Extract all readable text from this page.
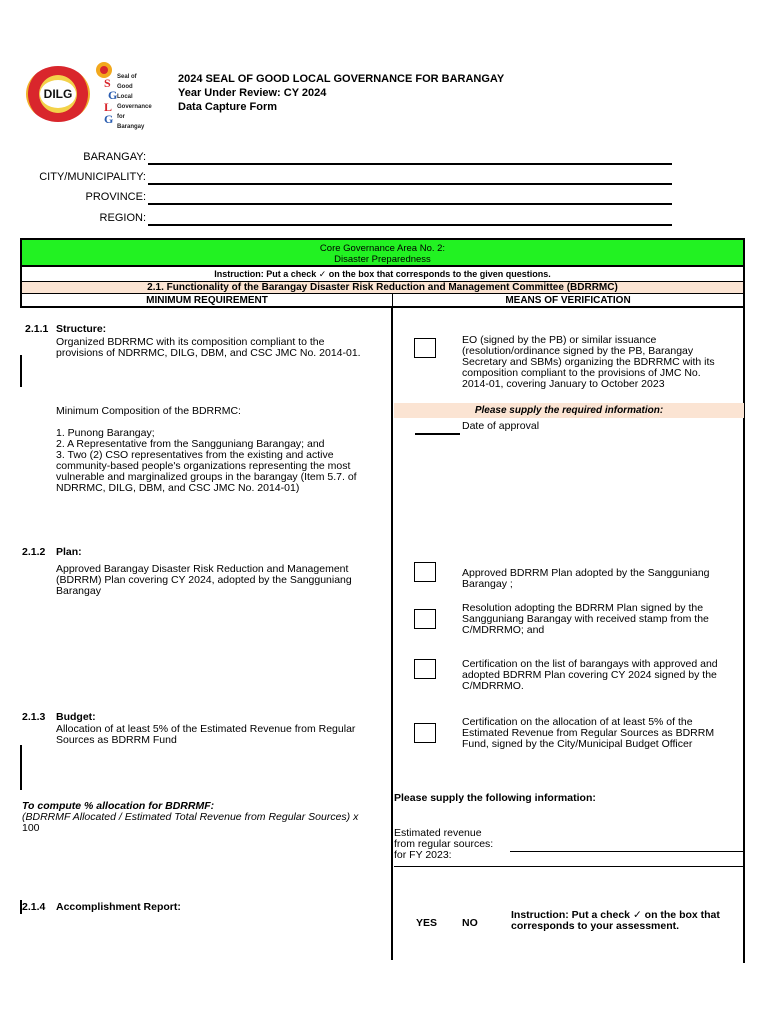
DILG
S
G
L
G
Seal of
Good
Local
Governance for
Barangay
2024 SEAL OF GOOD LOCAL GOVERNANCE FOR BARANGAY
Year Under Review: CY 2024
Data Capture Form
BARANGAY:
CITY/MUNICIPALITY:
PROVINCE:
REGION:
Core Governance Area No. 2:
Disaster Preparedness
Instruction: Put a check ✓ on the box that corresponds to the given questions.
2.1. Functionality of the Barangay Disaster Risk Reduction and Management Committee (BDRRMC)
MINIMUM REQUIREMENT	MEANS OF VERIFICATION
2.1.1 Structure:
Organized BDRRMC with its composition compliant to the
provisions of NDRRMC, DILG, DBM, and CSC JMC No. 2014-01.
Minimum Composition of the BDRRMC:
1. Punong Barangay;
2. A Representative from the Sangguniang Barangay; and
3. Two (2) CSO representatives from the existing and active
community-based people's organizations representing the most
vulnerable and marginalized groups in the barangay (Item 5.7. of
NDRRMC, DILG, DBM, and CSC JMC No. 2014-01)
EO (signed by the PB) or similar issuance
(resolution/ordinance signed by the PB, Barangay
Secretary and SBMs) organizing the BDRRMC with its
composition compliant to the provisions of JMC No.
2014-01, covering January to October 2023
Please supply the required information:
Date of approval
2.1.2 Plan:
Approved Barangay Disaster Risk Reduction and Management
(BDRRM) Plan covering CY 2024, adopted by the Sangguniang
Barangay
Approved BDRRM Plan adopted by the Sangguniang
Barangay ;
Resolution adopting the BDRRM Plan signed by the
Sangguniang Barangay with received stamp from the
C/MDRRMO; and
Certification on the list of barangays with approved and
adopted BDRRM Plan covering CY 2024 signed by the
C/MDRRMO.
2.1.3 Budget:
Allocation of at least 5% of the Estimated Revenue from Regular
Sources as BDRRM Fund
Certification on the allocation of at least 5% of the
Estimated Revenue from Regular Sources as BDRRM
Fund, signed by the City/Municipal Budget Officer
To compute % allocation for BDRRMF:
(BDRRMF Allocated / Estimated Total Revenue from Regular Sources) x
100
Please supply the following information:
Estimated revenue
from regular sources:
for FY 2023:
2.1.4 Accomplishment Report:
YES NO
Instruction: Put a check ✓ on the box that
corresponds to your assessment.
